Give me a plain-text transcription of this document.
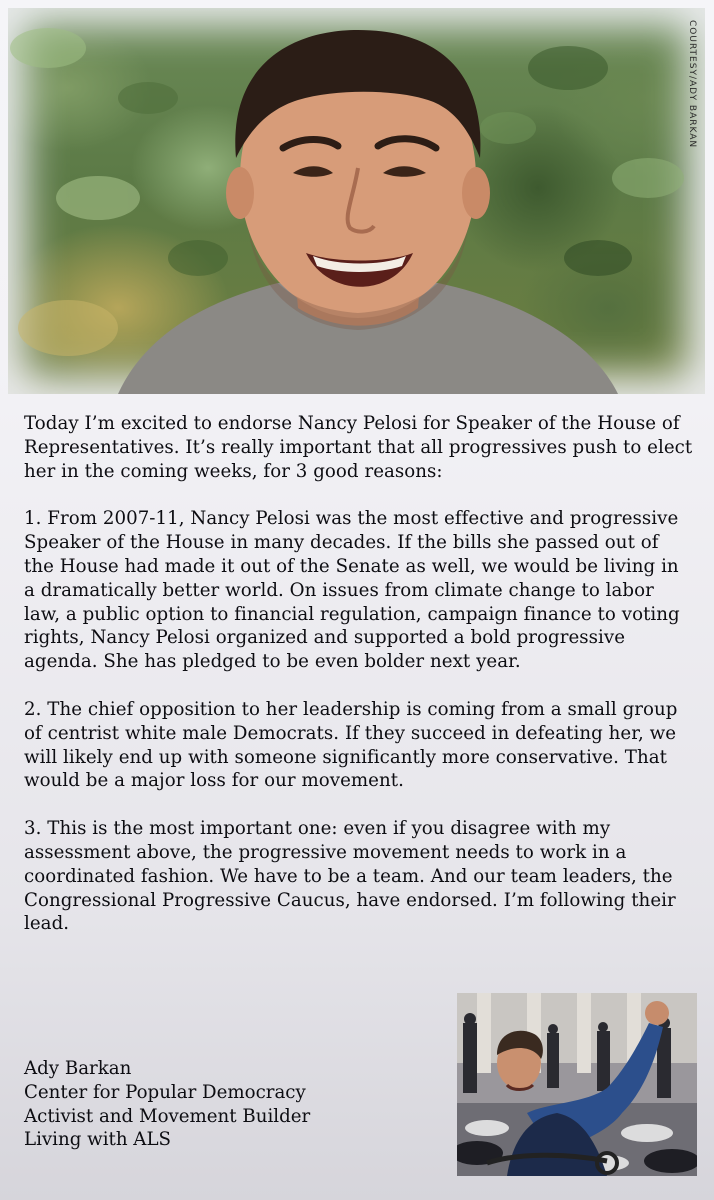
COURTESY/ADY BARKAN

Today I’m excited to endorse Nancy Pelosi for Speaker of the House of Representatives. It’s really important that all progressives push to elect her in the coming weeks, for 3 good reasons:

1. From 2007-11, Nancy Pelosi was the most effective and progressive Speaker of the House in many decades. If the bills she passed out of the House had made it out of the Senate as well, we would be living in a dramatically better world. On issues from climate change to labor law, a public option to financial regulation, campaign finance to voting rights, Nancy Pelosi organized and supported a bold progressive agenda. She has pledged to be even bolder next year.

2. The chief opposition to her leadership is coming from a small group of centrist white male Democrats. If they succeed in defeating her, we will likely end up with someone significantly more conservative. That would be a major loss for our movement.

3. This is the most important one: even if you disagree with my assessment above, the progressive movement needs to work in a coordinated fashion. We have to be a team. And our team leaders, the Congressional Progressive Caucus, have endorsed. I’m following their lead.

Ady Barkan
Center for Popular Democracy
Activist and Movement Builder
Living with ALS
